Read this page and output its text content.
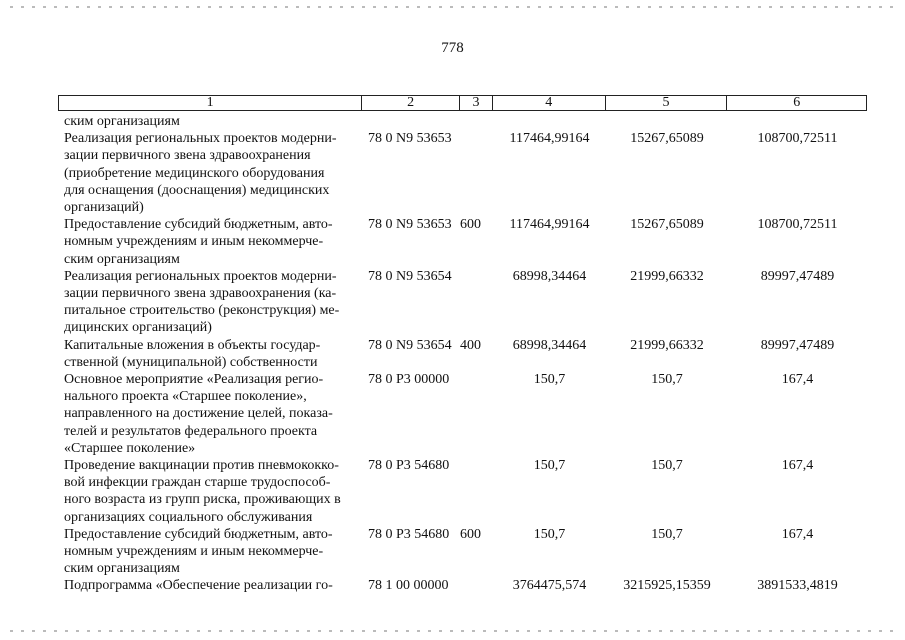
778
1	2	3	4	5	6
ским организациям
Реализация региональных проектов модерни-
зации первичного звена здравоохранения
(приобретение медицинского оборудования
для оснащения (дооснащения) медицинских
организаций)
78 0 N9 53653	117464,99164	15267,65089	108700,72511
Предоставление субсидий бюджетным, авто-
номным учреждениям и иным некоммерче-
ским организациям
78 0 N9 53653 600	117464,99164	15267,65089	108700,72511
Реализация региональных проектов модерни-
зации первичного звена здравоохранения (ка-
питальное строительство (реконструкция) ме-
дицинских организаций)
78 0 N9 53654	68998,34464	21999,66332	89997,47489
Капитальные вложения в объекты государ-
ственной (муниципальной) собственности
78 0 N9 53654 400	68998,34464	21999,66332	89997,47489
Основное мероприятие «Реализация регио-
нального проекта «Старшее поколение»,
направленного на достижение целей, показа-
телей и результатов федерального проекта
«Старшее поколение»
78 0 P3 00000	150,7	150,7	167,4
Проведение вакцинации против пневмококко-
вой инфекции граждан старше трудоспособ-
ного возраста из групп риска, проживающих в
организациях социального обслуживания
78 0 P3 54680	150,7	150,7	167,4
Предоставление субсидий бюджетным, авто-
номным учреждениям и иным некоммерче-
ским организациям
78 0 P3 54680 600	150,7	150,7	167,4
Подпрограмма «Обеспечение реализации го-	78 1 00 00000	3764475,574	3215925,15359	3891533,4819
